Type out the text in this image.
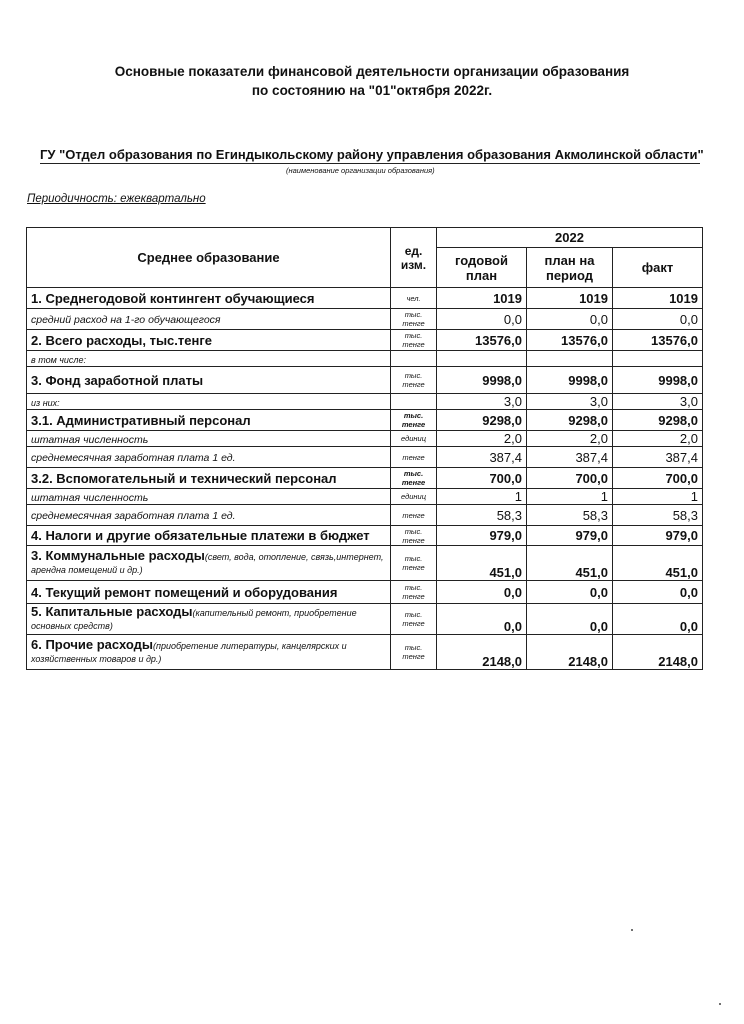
Основные показатели финансовой деятельности организации образования
по состоянию на "01"октября 2022г.
ГУ "Отдел образования по Егиндыкольскому району управления образования Акмолинской области"
(наименование организации образования)
Периодичность: ежеквартально
Среднее образование	ед. изм.	2022		
		годовой план	план на период	факт
1. Среднегодовой контингент обучающиеся	чел.	1019	1019	1019
средний расход на 1-го обучающегося	тыс. тенге	0,0	0,0	0,0
2. Всего расходы, тыс.тенге	тыс. тенге	13576,0	13576,0	13576,0
в том числе:				
3. Фонд заработной платы	тыс. тенге	9998,0	9998,0	9998,0
из них:		3,0	3,0	3,0
3.1. Административный персонал	тыс. тенге	9298,0	9298,0	9298,0
штатная численность	единиц	2,0	2,0	2,0
среднемесячная заработная плата 1 ед.	тенге	387,4	387,4	387,4
3.2. Вспомогательный и технический персонал	тыс. тенге	700,0	700,0	700,0
штатная численность	единиц	1	1	1
среднемесячная заработная плата 1 ед.	тенге	58,3	58,3	58,3
4. Налоги и другие обязательные платежи в бюджет	тыс. тенге	979,0	979,0	979,0
3. Коммунальные расходы(свет, вода, отопление, связь,интернет, арендна помещений и др.)	тыс. тенге	451,0	451,0	451,0
4. Текущий ремонт помещений и оборудования	тыс. тенге	0,0	0,0	0,0
5. Капитальные расходы(капительный ремонт, приобретение основных средств)	тыс. тенге	0,0	0,0	0,0
6. Прочие расходы(приобретение литературы, канцелярских и хозяйственных товаров и др.)	тыс. тенге	2148,0	2148,0	2148,0
